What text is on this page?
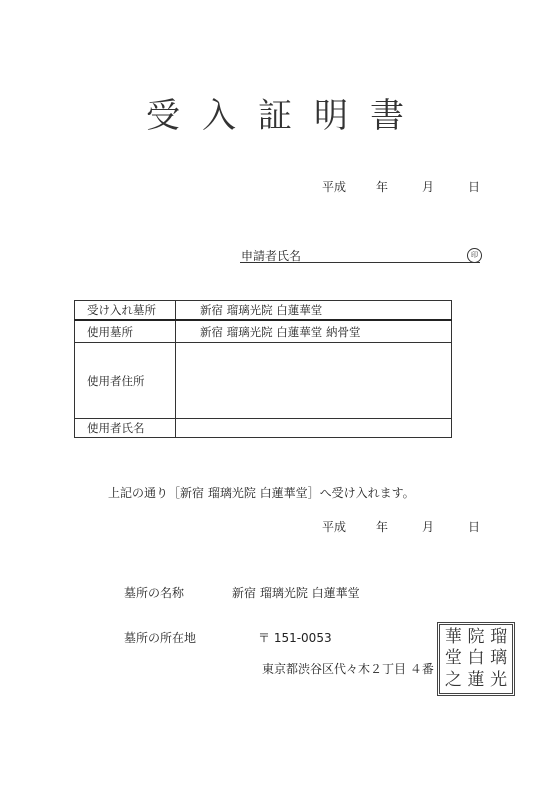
受入証明書
平成	年	月	日
申請者氏名	印
受け入れ墓所	新宿 瑠璃光院 白蓮華堂
使用墓所	新宿 瑠璃光院 白蓮華堂 納骨堂
使用者住所	
使用者氏名	
上記の通り［新宿 瑠璃光院 白蓮華堂］へ受け入れます。
平成	年	月	日
墓所の名称	新宿 瑠璃光院 白蓮華堂
墓所の所在地	〒 151-0053
東京都渋谷区代々木２丁目 ４番
瑠
璃
光
院
白
蓮
華
堂
之
